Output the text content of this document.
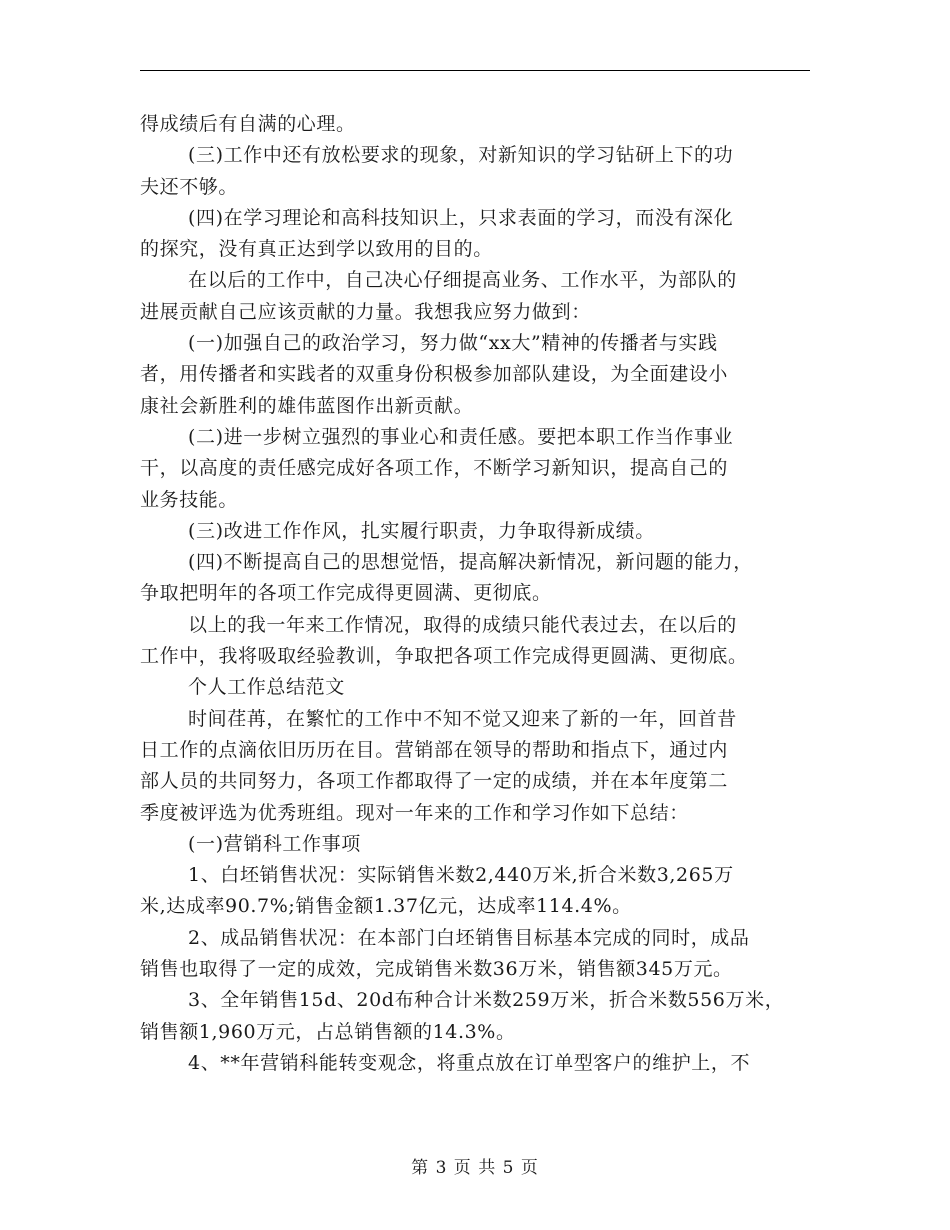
得成绩后有自满的心理。
(三)工作中还有放松要求的现象，对新知识的学习钻研上下的功
夫还不够。
(四)在学习理论和高科技知识上，只求表面的学习，而没有深化
的探究，没有真正达到学以致用的目的。
在以后的工作中，自己决心仔细提高业务、工作水平，为部队的
进展贡献自己应该贡献的力量。我想我应努力做到：
(一)加强自己的政治学习，努力做“xx大”精神的传播者与实践
者，用传播者和实践者的双重身份积极参加部队建设，为全面建设小
康社会新胜利的雄伟蓝图作出新贡献。
(二)进一步树立强烈的事业心和责任感。要把本职工作当作事业
干，以高度的责任感完成好各项工作，不断学习新知识，提高自己的
业务技能。
(三)改进工作作风，扎实履行职责，力争取得新成绩。
(四)不断提高自己的思想觉悟，提高解决新情况，新问题的能力，
争取把明年的各项工作完成得更圆满、更彻底。
以上的我一年来工作情况，取得的成绩只能代表过去，在以后的
工作中，我将吸取经验教训，争取把各项工作完成得更圆满、更彻底。
个人工作总结范文
时间荏苒，在繁忙的工作中不知不觉又迎来了新的一年，回首昔
日工作的点滴依旧历历在目。营销部在领导的帮助和指点下，通过内
部人员的共同努力，各项工作都取得了一定的成绩，并在本年度第二
季度被评选为优秀班组。现对一年来的工作和学习作如下总结：
(一)营销科工作事项
1、白坯销售状况：实际销售米数2,440万米,折合米数3,265万
米,达成率90.7%;销售金额1.37亿元，达成率114.4%。
2、成品销售状况：在本部门白坯销售目标基本完成的同时，成品
销售也取得了一定的成效，完成销售米数36万米，销售额345万元。
3、全年销售15d、20d布种合计米数259万米，折合米数556万米，
销售额1,960万元，占总销售额的14.3%。
4、**年营销科能转变观念，将重点放在订单型客户的维护上，不
第 3 页 共 5 页
